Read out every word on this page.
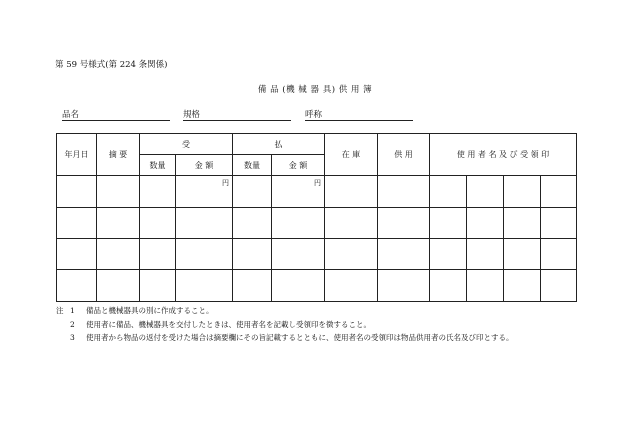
第 59 号様式(第 224 条関係)
備 品 (機 械 器 具) 供 用 簿
品名	規格	呼称
年月日	摘 要	受		払		在 庫	供 用	使 用 者 名 及 び 受 領 印			
		数量	金 額	数量	金 額						
			円		円						

注 1	備品と機械器具の別に作成すること。
2	使用者に備品、機械器具を交付したときは、使用者名を記載し受領印を徴すること。
3	使用者から物品の返付を受けた場合は摘要欄にその旨記載するとともに、使用者名の受領印は物品供用者の氏名及び印とする。
